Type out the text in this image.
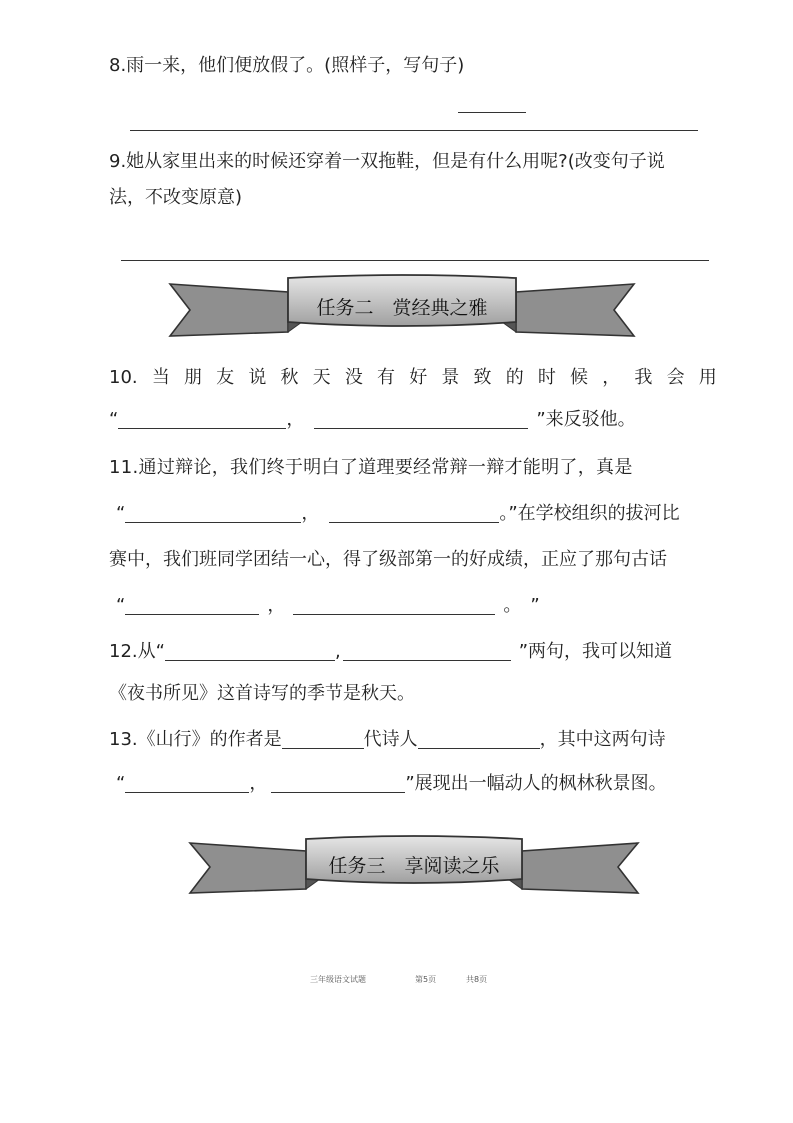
8.雨一来，他们便放假了。(照样子，写句子)
9.她从家里出来的时候还穿着一双拖鞋，但是有什么用呢?(改变句子说
法，不改变原意)
任务二　赏经典之雅
10. 当 朋 友 说 秋 天 没 有 好 景 致 的 时 候 ， 我 会 用
“	，	”来反驳他。
11.通过辩论，我们终于明白了道理要经常辩一辩才能明了，真是
“	，	。”在学校组织的拔河比
赛中，我们班同学团结一心，得了级部第一的好成绩，正应了那句古话
“	，	。　”
12.从“	,	”两句，我可以知道
《夜书所见》这首诗写的季节是秋天。
13.《山行》的作者是	代诗人	，其中这两句诗
“	，	”展现出一幅动人的枫林秋景图。
任务三　享阅读之乐
三年级语文试题	第5页	共8页
